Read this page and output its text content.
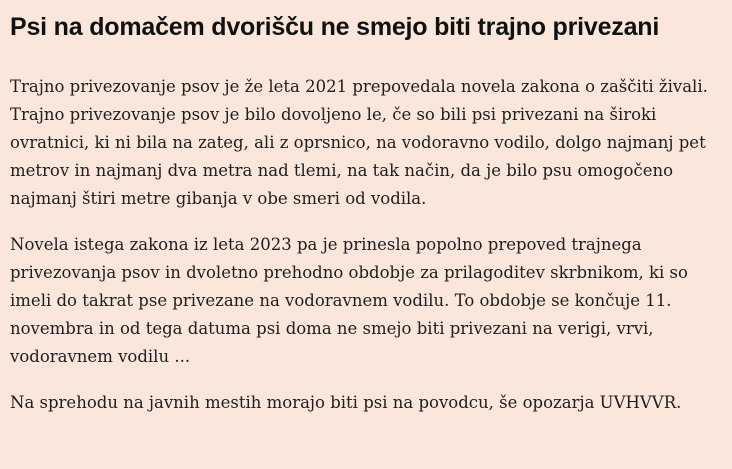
Psi na domačem dvorišču ne smejo biti trajno privezani

Trajno privezovanje psov je že leta 2021 prepovedala novela zakona o zaščiti živali. Trajno privezovanje psov je bilo dovoljeno le, če so bili psi privezani na široki ovratnici, ki ni bila na zateg, ali z oprsnico, na vodoravno vodilo, dolgo najmanj pet metrov in najmanj dva metra nad tlemi, na tak način, da je bilo psu omogočeno najmanj štiri metre gibanja v obe smeri od vodila.

Novela istega zakona iz leta 2023 pa je prinesla popolno prepoved trajnega privezovanja psov in dvoletno prehodno obdobje za prilagoditev skrbnikom, ki so imeli do takrat pse privezane na vodoravnem vodilu. To obdobje se končuje 11. novembra in od tega datuma psi doma ne smejo biti privezani na verigi, vrvi, vodoravnem vodilu ...

Na sprehodu na javnih mestih morajo biti psi na povodcu, še opozarja UVHVVR.
